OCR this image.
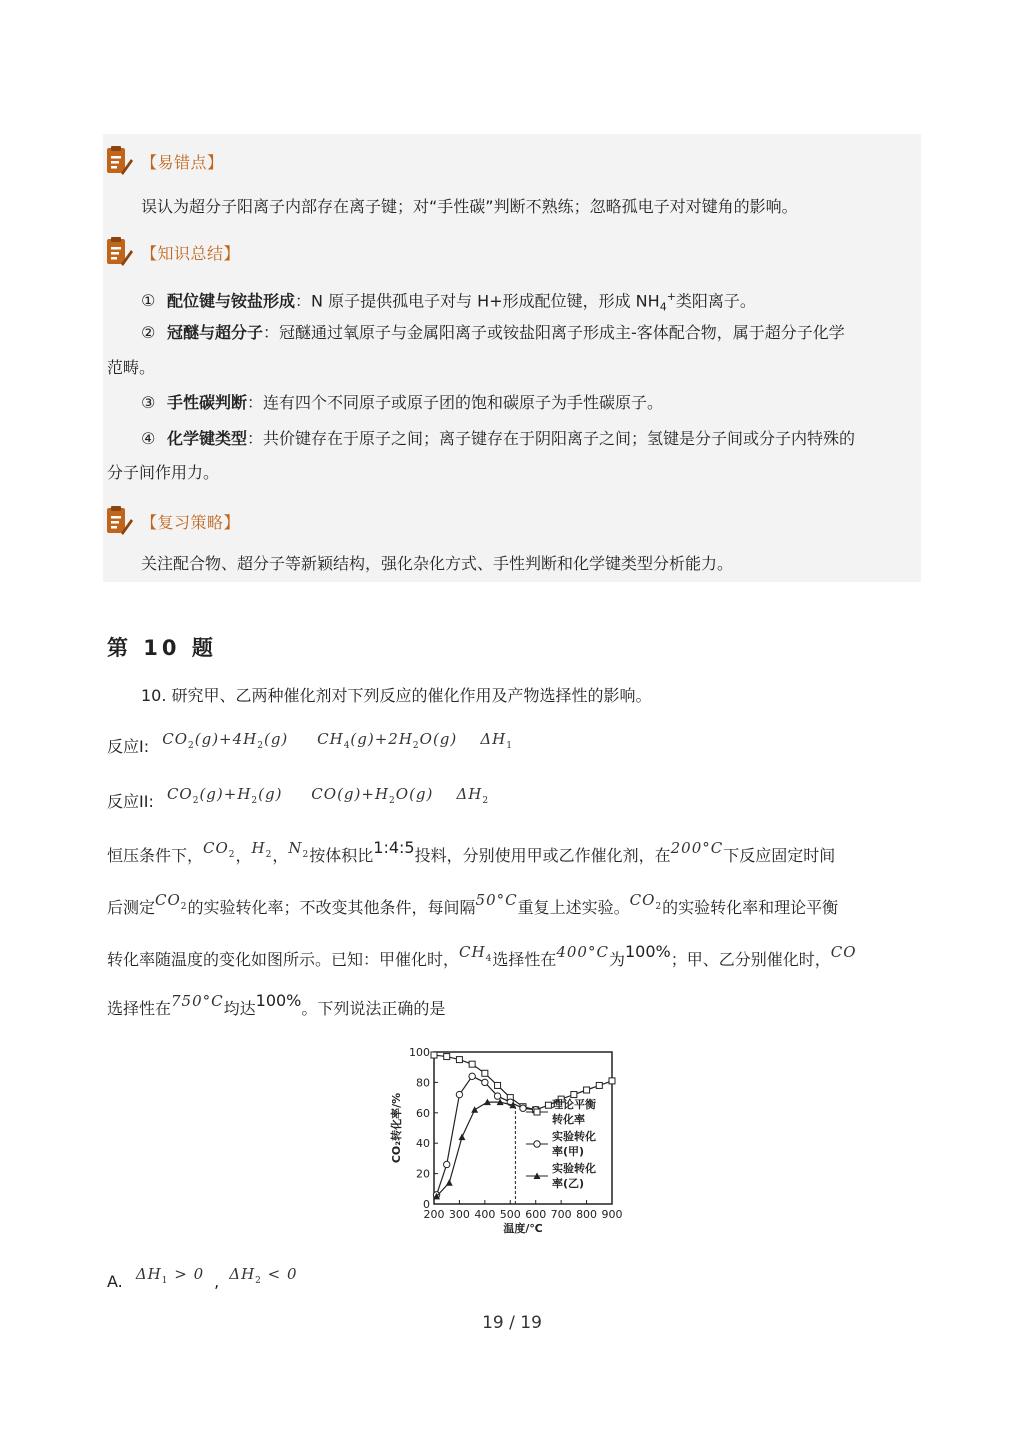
【易错点】
误认为超分子阳离子内部存在离子键；对“手性碳”判断不熟练；忽略孤电子对对键角的影响。
【知识总结】
① 配位键与铵盐形成：N 原子提供孤电子对与 H+形成配位键，形成 $NH_4^+$类阳离子。
② 冠醚与超分子：冠醚通过氧原子与金属阳离子或铵盐阳离子形成主-客体配合物，属于超分子化学
范畴。
③ 手性碳判断：连有四个不同原子或原子团的饱和碳原子为手性碳原子。
④ 化学键类型：共价键存在于原子之间；离子键存在于阴阳离子之间；氢键是分子间或分子内特殊的
分子间作用力。
【复习策略】
关注配合物、超分子等新颖结构，强化杂化方式、手性判断和化学键类型分析能力。
第 10 题
10. 研究甲、乙两种催化剂对下列反应的催化作用及产物选择性的影响。
反应I: $CO_2(g)+4H_2(g)$     $CH_4(g)+2H_2O(g)$    $\Delta H_1$
反应II: $CO_2(g)+H_2(g)$     $CO(g)+H_2O(g)$    $\Delta H_2$
恒压条件下，$CO_2$，$H_2$，$N_2$按体积比1:4:5投料，分别使用甲或乙作催化剂，在200°C下反应固定时间
后测定$CO_2$的实验转化率；不改变其他条件，每间隔50°C重复上述实验。$CO_2$的实验转化率和理论平衡
转化率随温度的变化如图所示。已知：甲催化时，$CH_4$选择性在400°C为100%；甲、乙分别催化时，CO
选择性在750°C均达100%。下列说法正确的是
0
20
40
60
80
100
200 300 400 500 600 700 800 900
温度/℃
CO₂转化率/%	理论平衡
转化率
实验转化
率(甲)
实验转化
率(乙)
A. $\Delta H_1 > 0$ , $\Delta H_2 < 0$
19 / 19
